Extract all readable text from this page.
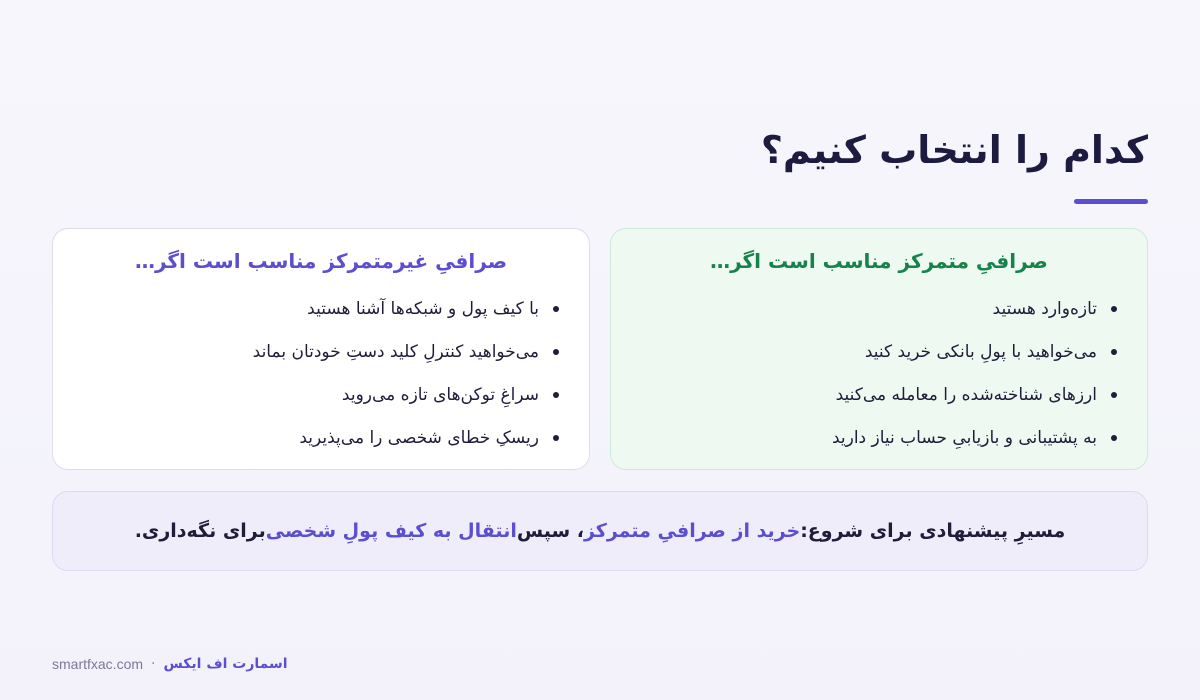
کدام را انتخاب کنیم؟
صرافیِ متمرکز مناسب است اگر…
تازه‌وارد هستید
می‌خواهید با پولِ بانکی خرید کنید
ارزهای شناخته‌شده را معامله می‌کنید
به پشتیبانی و بازیابیِ حساب نیاز دارید
صرافیِ غیرمتمرکز مناسب است اگر…
با کیف پول و شبکه‌ها آشنا هستید
می‌خواهید کنترلِ کلید دستِ خودتان بماند
سراغِ توکن‌های تازه می‌روید
ریسکِ خطای شخصی را می‌پذیرید
مسیرِ پیشنهادی برای شروع:
خرید از صرافیِ متمرکز
، سپس
انتقال به کیف پولِ شخصی
برای نگه‌داری.
اسمارت اف ایکس
·
smartfxac.com
